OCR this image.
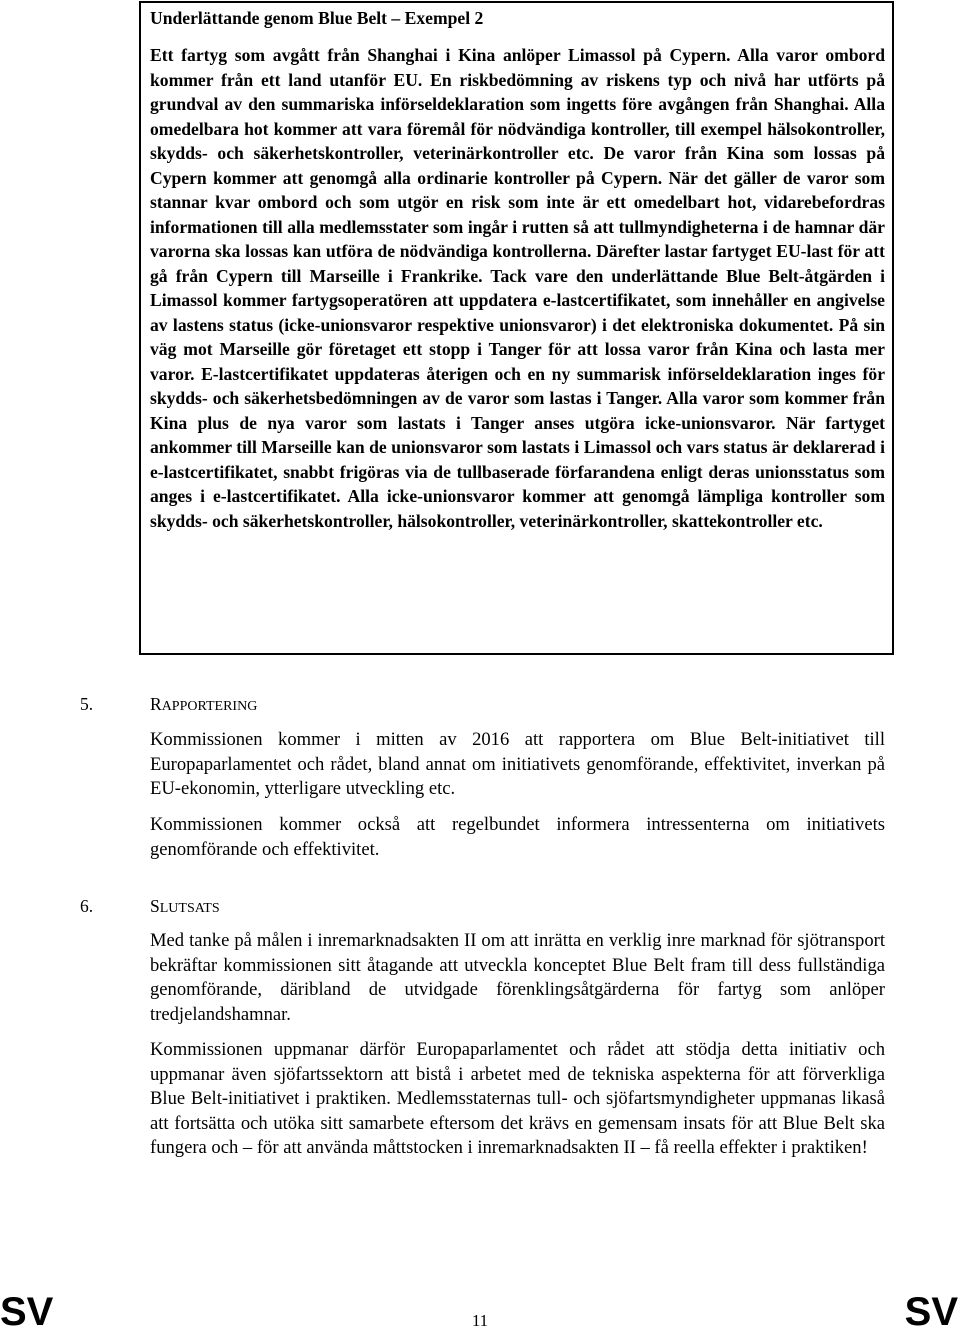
Underlättande genom Blue Belt – Exempel 2

Ett fartyg som avgått från Shanghai i Kina anlöper Limassol på Cypern. Alla varor ombord kommer från ett land utanför EU. En riskbedömning av riskens typ och nivå har utförts på grundval av den summariska införseldeklaration som ingetts före avgången från Shanghai. Alla omedelbara hot kommer att vara föremål för nödvändiga kontroller, till exempel hälsokontroller, skydds- och säkerhetskontroller, veterinärkontroller etc. De varor från Kina som lossas på Cypern kommer att genomgå alla ordinarie kontroller på Cypern. När det gäller de varor som stannar kvar ombord och som utgör en risk som inte är ett omedelbart hot, vidarebefordras informationen till alla medlemsstater som ingår i rutten så att tullmyndigheterna i de hamnar där varorna ska lossas kan utföra de nödvändiga kontrollerna. Därefter lastar fartyget EU-last för att gå från Cypern till Marseille i Frankrike. Tack vare den underlättande Blue Belt-åtgärden i Limassol kommer fartygsoperatören att uppdatera e-lastcertifikatet, som innehåller en angivelse av lastens status (icke-unionsvaror respektive unionsvaror) i det elektroniska dokumentet. På sin väg mot Marseille gör företaget ett stopp i Tanger för att lossa varor från Kina och lasta mer varor. E-lastcertifikatet uppdateras återigen och en ny summarisk införseldeklaration inges för skydds- och säkerhetsbedömningen av de varor som lastas i Tanger. Alla varor som kommer från Kina plus de nya varor som lastats i Tanger anses utgöra icke-unionsvaror. När fartyget ankommer till Marseille kan de unionsvaror som lastats i Limassol och vars status är deklarerad i e-lastcertifikatet, snabbt frigöras via de tullbaserade förfarandena enligt deras unionsstatus som anges i e-lastcertifikatet. Alla icke-unionsvaror kommer att genomgå lämpliga kontroller som skydds- och säkerhetskontroller, hälsokontroller, veterinärkontroller, skattekontroller etc.

5.	RAPPORTERING

Kommissionen kommer i mitten av 2016 att rapportera om Blue Belt-initiativet till Europaparlamentet och rådet, bland annat om initiativets genomförande, effektivitet, inverkan på EU-ekonomin, ytterligare utveckling etc.

Kommissionen kommer också att regelbundet informera intressenterna om initiativets genomförande och effektivitet.

6.	SLUTSATS

Med tanke på målen i inremarknadsakten II om att inrätta en verklig inre marknad för sjötransport bekräftar kommissionen sitt åtagande att utveckla konceptet Blue Belt fram till dess fullständiga genomförande, däribland de utvidgade förenklingsåtgärderna för fartyg som anlöper tredjelandshamnar.

Kommissionen uppmanar därför Europaparlamentet och rådet att stödja detta initiativ och uppmanar även sjöfartssektorn att bistå i arbetet med de tekniska aspekterna för att förverkliga Blue Belt-initiativet i praktiken. Medlemsstaternas tull- och sjöfartsmyndigheter uppmanas likaså att fortsätta och utöka sitt samarbete eftersom det krävs en gemensam insats för att Blue Belt ska fungera och – för att använda måttstocken i inremarknadsakten II – få reella effekter i praktiken!

SV	11	SV
